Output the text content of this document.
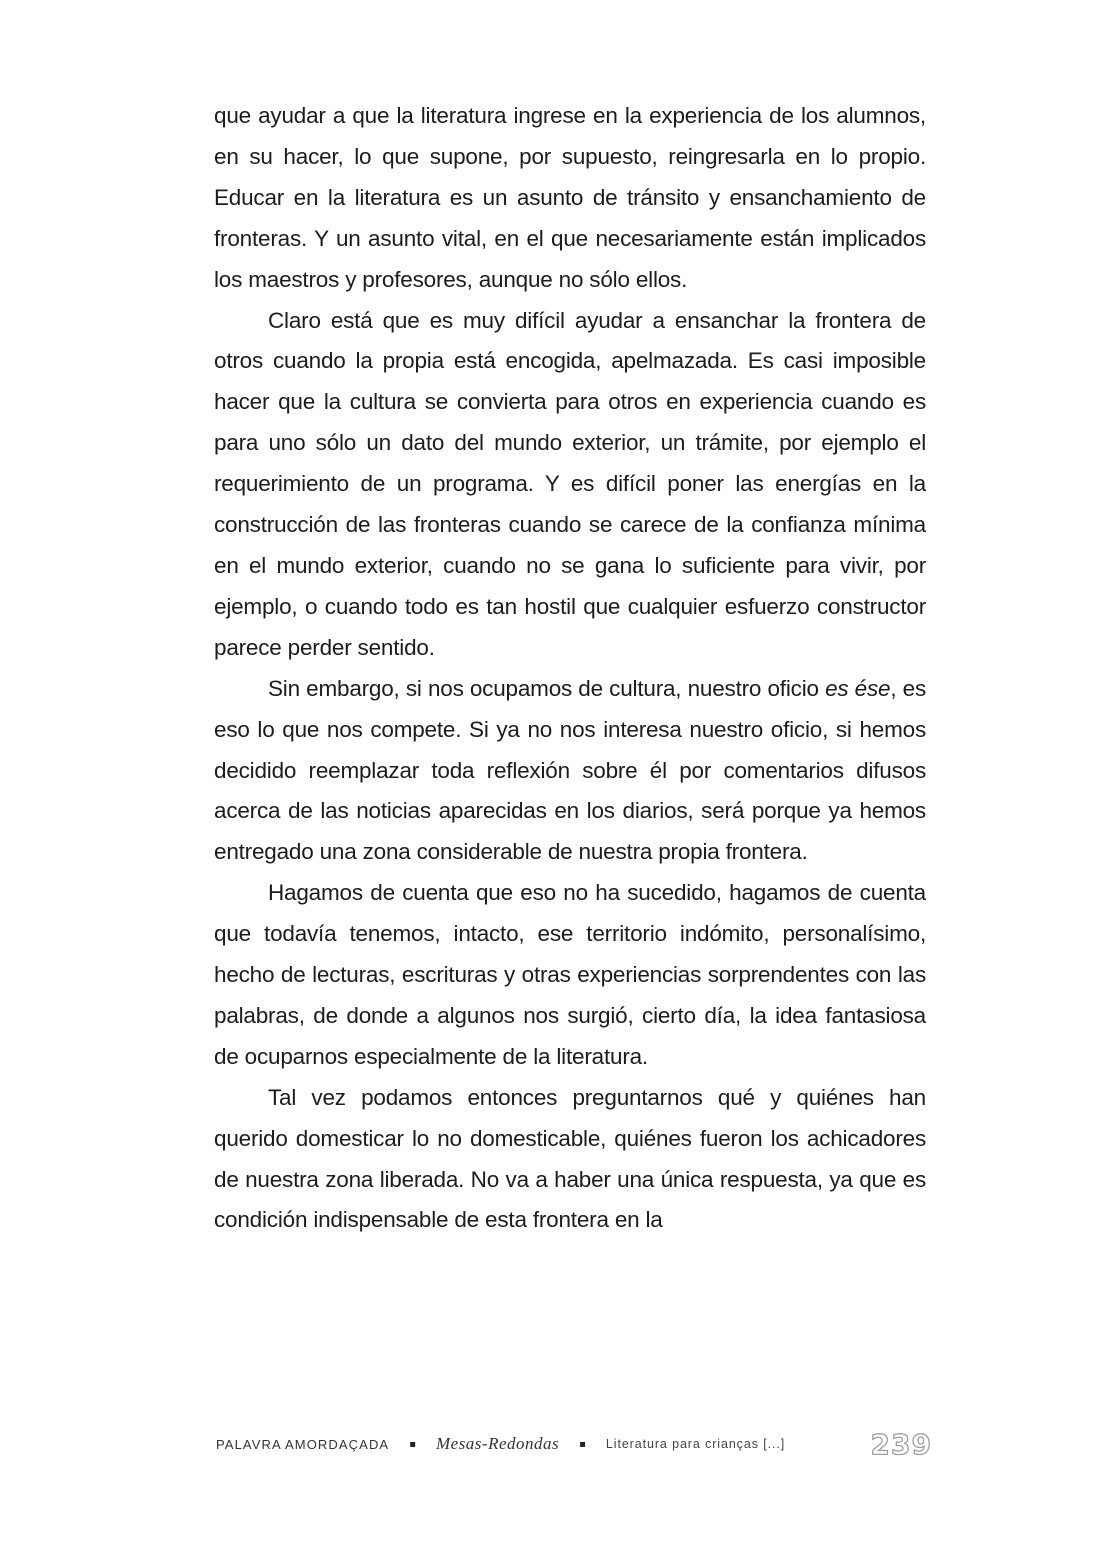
que ayudar a que la literatura ingrese en la experiencia de los alumnos, en su hacer, lo que supone, por supuesto, reingresarla en lo propio. Educar en la literatura es un asunto de tránsito y ensanchamiento de fronteras. Y un asunto vital, en el que necesariamente están implicados los maestros y profesores, aunque no sólo ellos.

Claro está que es muy difícil ayudar a ensanchar la frontera de otros cuando la propia está encogida, apelmazada. Es casi imposible hacer que la cultura se convierta para otros en experiencia cuando es para uno sólo un dato del mundo exterior, un trámite, por ejemplo el requerimiento de un programa. Y es difícil poner las energías en la construcción de las fronteras cuando se carece de la confianza mínima en el mundo exterior, cuando no se gana lo suficiente para vivir, por ejemplo, o cuando todo es tan hostil que cualquier esfuerzo constructor parece perder sentido.

Sin embargo, si nos ocupamos de cultura, nuestro oficio es ése, es eso lo que nos compete. Si ya no nos interesa nuestro oficio, si hemos decidido reemplazar toda reflexión sobre él por comentarios difusos acerca de las noticias aparecidas en los diarios, será porque ya hemos entregado una zona considerable de nuestra propia frontera.

Hagamos de cuenta que eso no ha sucedido, hagamos de cuenta que todavía tenemos, intacto, ese territorio indómito, personalísimo, hecho de lecturas, escrituras y otras experiencias sorprendentes con las palabras, de donde a algunos nos surgió, cierto día, la idea fantasiosa de ocuparnos especialmente de la literatura.

Tal vez podamos entonces preguntarnos qué y quiénes han querido domesticar lo no domesticable, quiénes fueron los achicadores de nuestra zona liberada. No va a haber una única respuesta, ya que es condición indispensable de esta frontera en la

PALAVRA AMORDAÇADA ▪ Mesas-Redondas ▪ Literatura para crianças [...]	239
